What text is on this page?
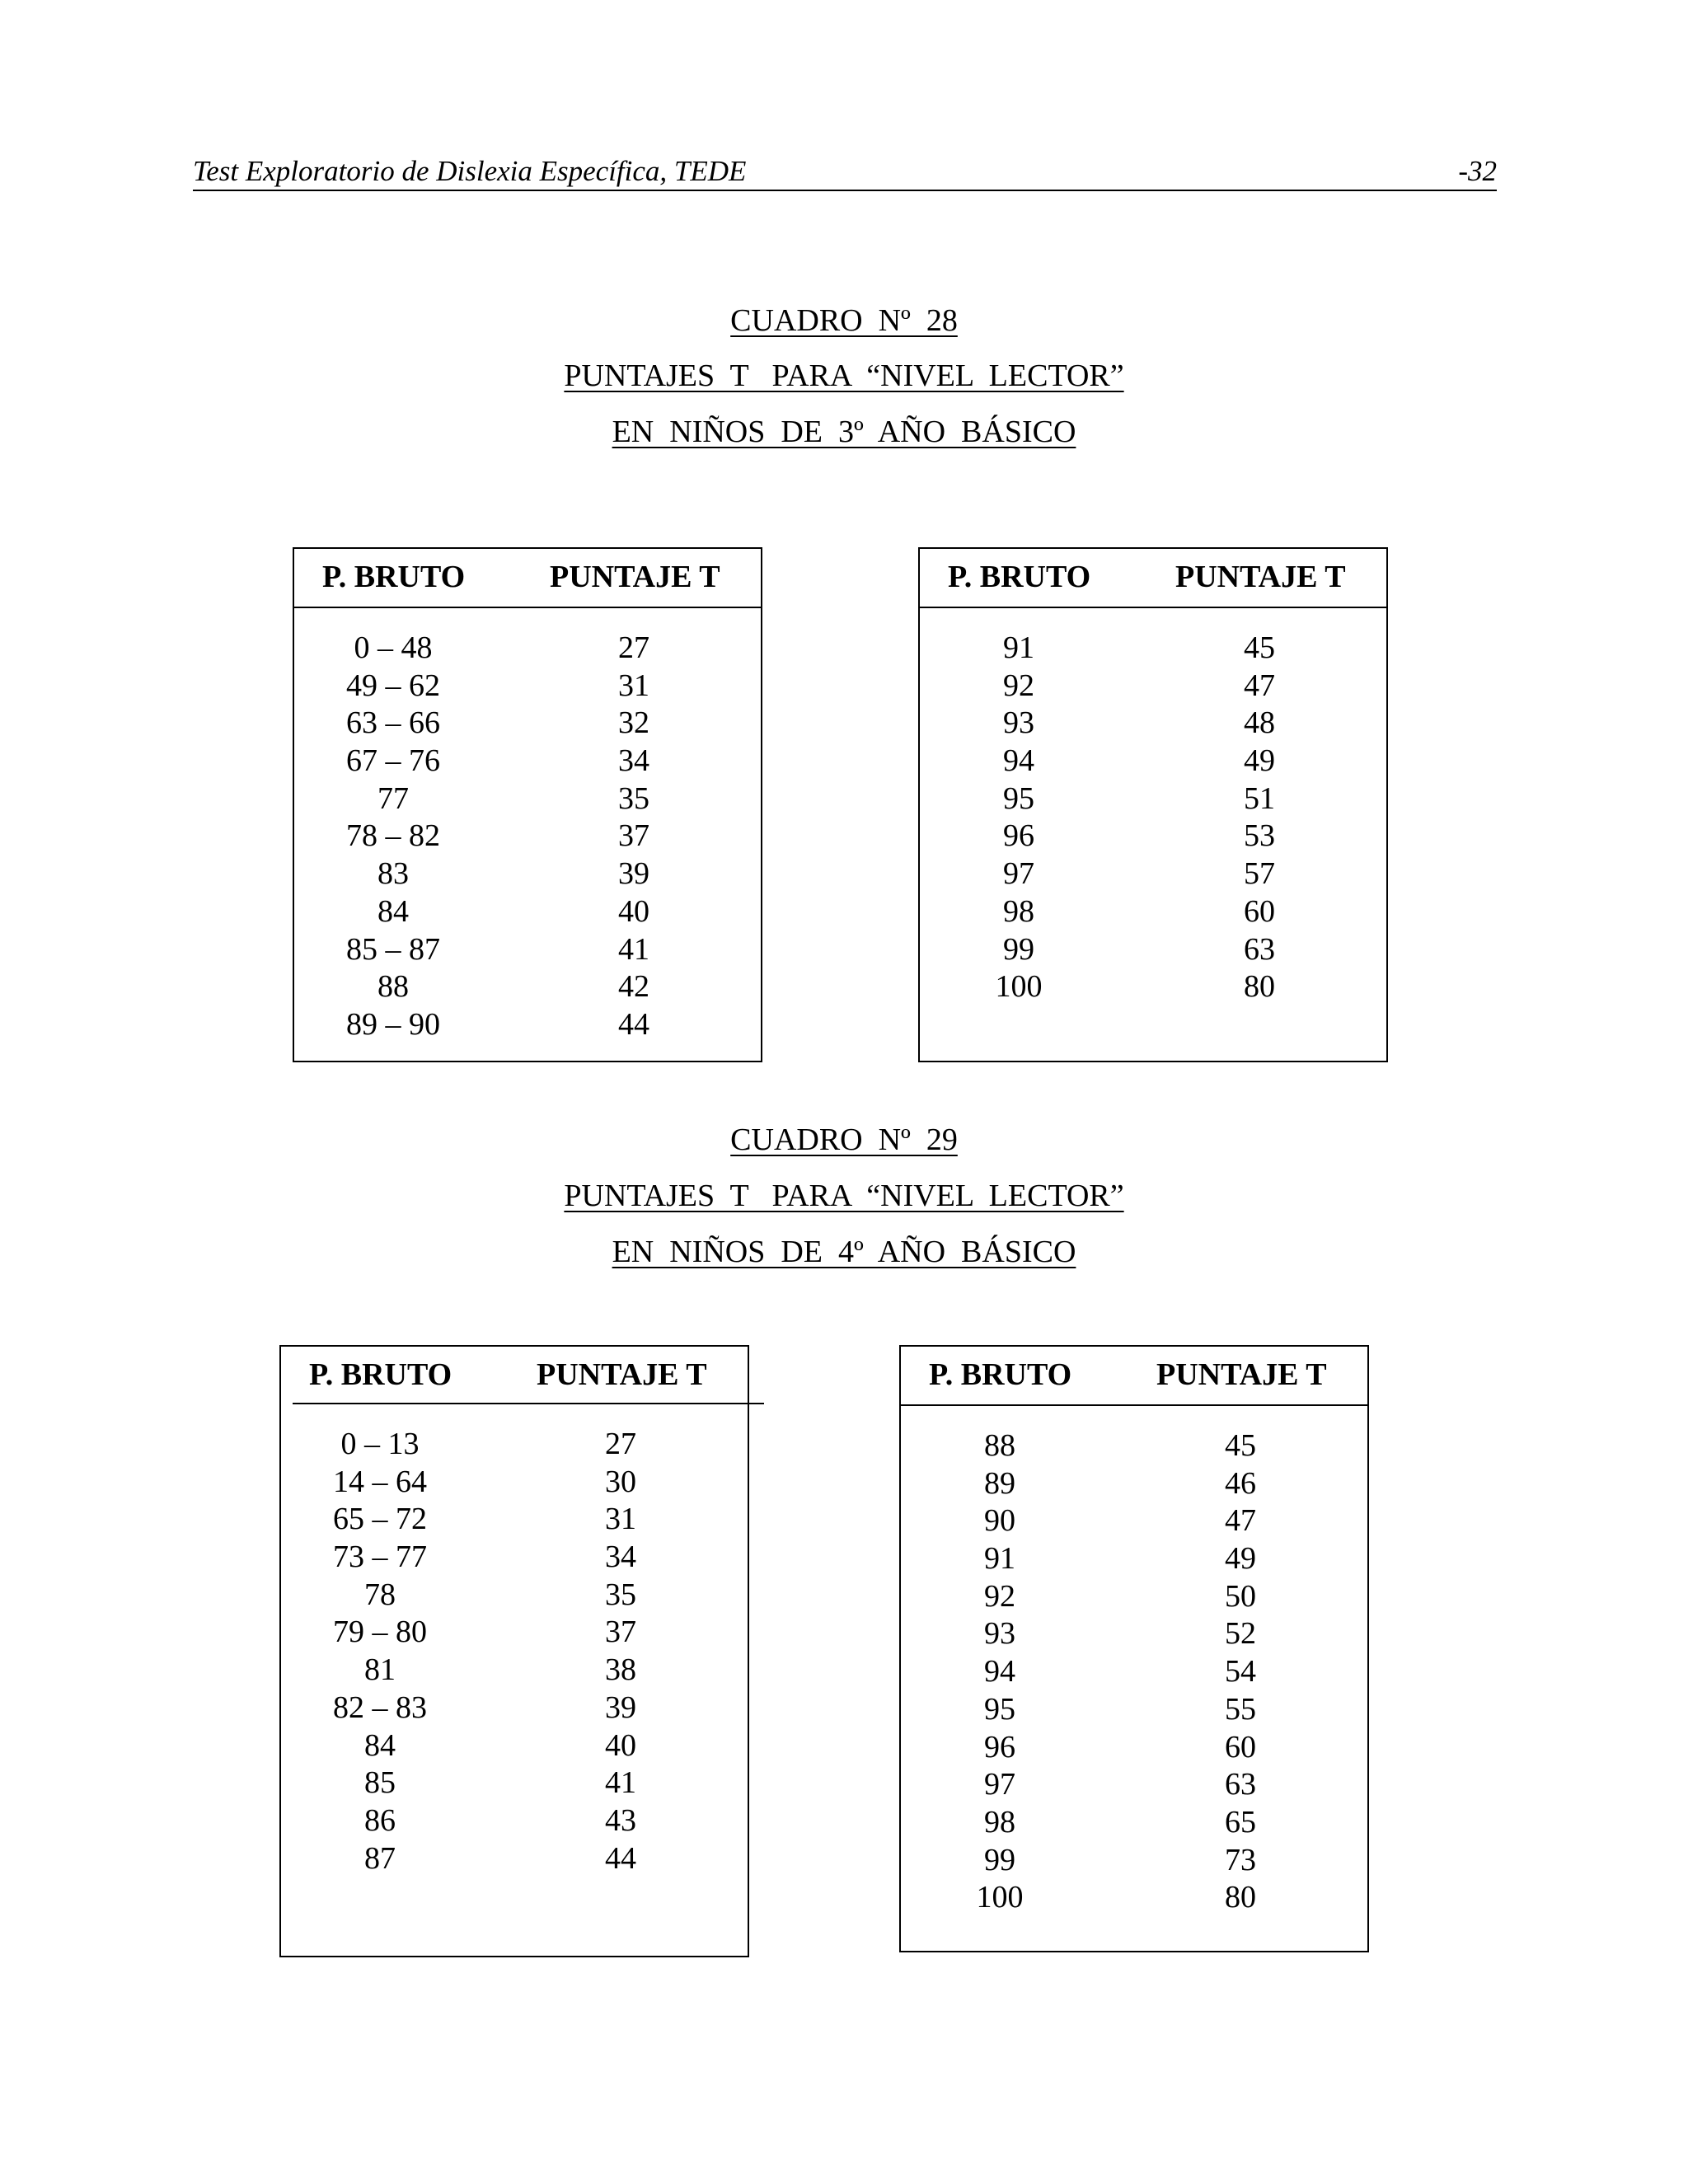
Test Exploratorio de Dislexia Específica, TEDE	-32
CUADRO  Nº  28
PUNTAJES  T   PARA  “NIVEL  LECTOR”
EN  NIÑOS  DE  3º  AÑO  BÁSICO
P. BRUTO	PUNTAJE T
0 – 48	27
49 – 62	31
63 – 66	32
67 – 76	34
77	35
78 – 82	37
83	39
84	40
85 – 87	41
88	42
89 – 90	44
P. BRUTO	PUNTAJE T
91	45
92	47
93	48
94	49
95	51
96	53
97	57
98	60
99	63
100	80
CUADRO  Nº  29
PUNTAJES  T   PARA  “NIVEL  LECTOR”
EN  NIÑOS  DE  4º  AÑO  BÁSICO
P. BRUTO	PUNTAJE T
0 – 13	27
14 – 64	30
65 – 72	31
73 – 77	34
78	35
79 – 80	37
81	38
82 – 83	39
84	40
85	41
86	43
87	44
P. BRUTO	PUNTAJE T
88	45
89	46
90	47
91	49
92	50
93	52
94	54
95	55
96	60
97	63
98	65
99	73
100	80
